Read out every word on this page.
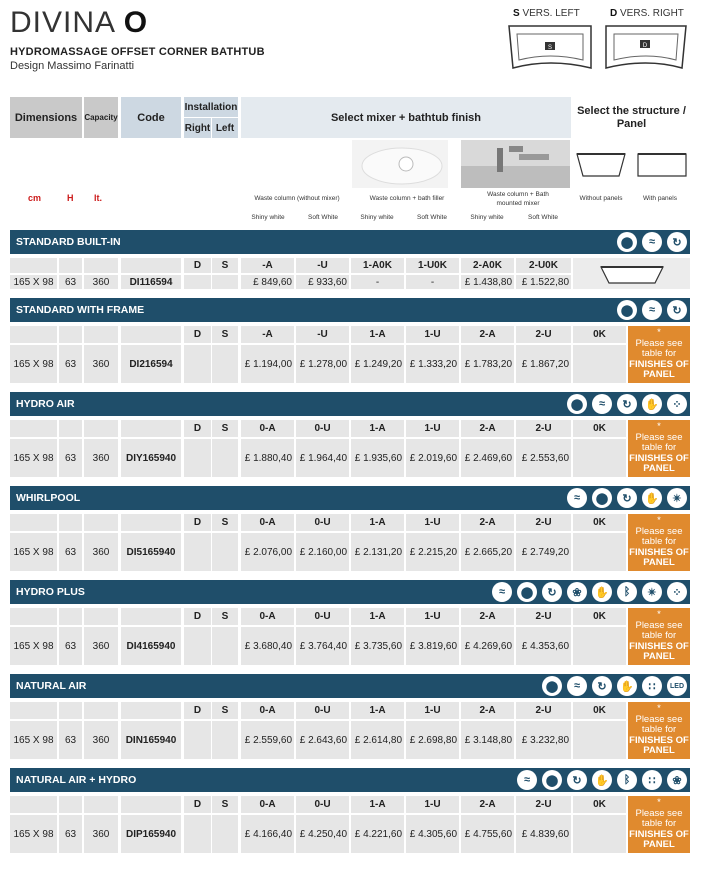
DIVINA O
HYDROMASSAGE OFFSET CORNER BATHTUB
Design Massimo Farinatti
S VERS. LEFT	D VERS. RIGHT
S	D
Dimensions Capacity	Code
Installation
Right Left
Select mixer + bathtub finish
Select the structure / Panel
cm	H lt.	Waste column (without mixer)	Waste column + bath filler
Waste column + Bath mounted mixer
Without panels	With panels
Shiny white	Soft White	Shiny white	Soft White	Shiny white	Soft White
STANDARD BUILT-IN	⬤	≈	↻
D	S	-A	-U	1-A0K	1-U0K	2-A0K	2-U0K
165 X 98	63	360	DI116594	£ 849,60	£ 933,60	-	-	£ 1.438,80 £ 1.522,80
STANDARD WITH FRAME	⬤	≈	↻
D	S	-A	-U	1-A	1-U	2-A	2-U	0K
165 X 98	63	360	DI216594	£ 1.194,00 £ 1.278,00 £ 1.249,20 £ 1.333,20 £ 1.783,20 £ 1.867,20
*
Please see
table for
FINISHES OF
PANEL
HYDRO AIR	⬤	≈	↻	✋	⁘
D	S	0-A	0-U	1-A	1-U	2-A	2-U	0K
165 X 98	63	360	DIY165940	£ 1.880,40 £ 1.964,40 £ 1.935,60 £ 2.019,60 £ 2.469,60 £ 2.553,60
*
Please see
table for
FINISHES OF
PANEL
WHIRLPOOL	≈	⬤	↻	✋	✴
D	S	0-A	0-U	1-A	1-U	2-A	2-U	0K
165 X 98	63	360	DI5165940	£ 2.076,00 £ 2.160,00 £ 2.131,20 £ 2.215,20 £ 2.665,20 £ 2.749,20
*
Please see
table for
FINISHES OF
PANEL
HYDRO PLUS	≈	⬤	↻	❀	✋	ᛒ	✴	⁘
D	S	0-A	0-U	1-A	1-U	2-A	2-U	0K
165 X 98	63	360	DI4165940	£ 3.680,40 £ 3.764,40 £ 3.735,60 £ 3.819,60 £ 4.269,60 £ 4.353,60
*
Please see
table for
FINISHES OF
PANEL
NATURAL AIR	⬤	≈	↻	✋	∷	LED
D	S	0-A	0-U	1-A	1-U	2-A	2-U	0K
165 X 98	63	360	DIN165940	£ 2.559,60 £ 2.643,60 £ 2.614,80 £ 2.698,80 £ 3.148,80 £ 3.232,80
*
Please see
table for
FINISHES OF
PANEL
NATURAL AIR + HYDRO	≈	⬤	↻	✋	ᛒ	∷	❀
D	S	0-A	0-U	1-A	1-U	2-A	2-U	0K
165 X 98	63	360	DIP165940	£ 4.166,40 £ 4.250,40 £ 4.221,60 £ 4.305,60 £ 4.755,60 £ 4.839,60
*
Please see
table for
FINISHES OF
PANEL
